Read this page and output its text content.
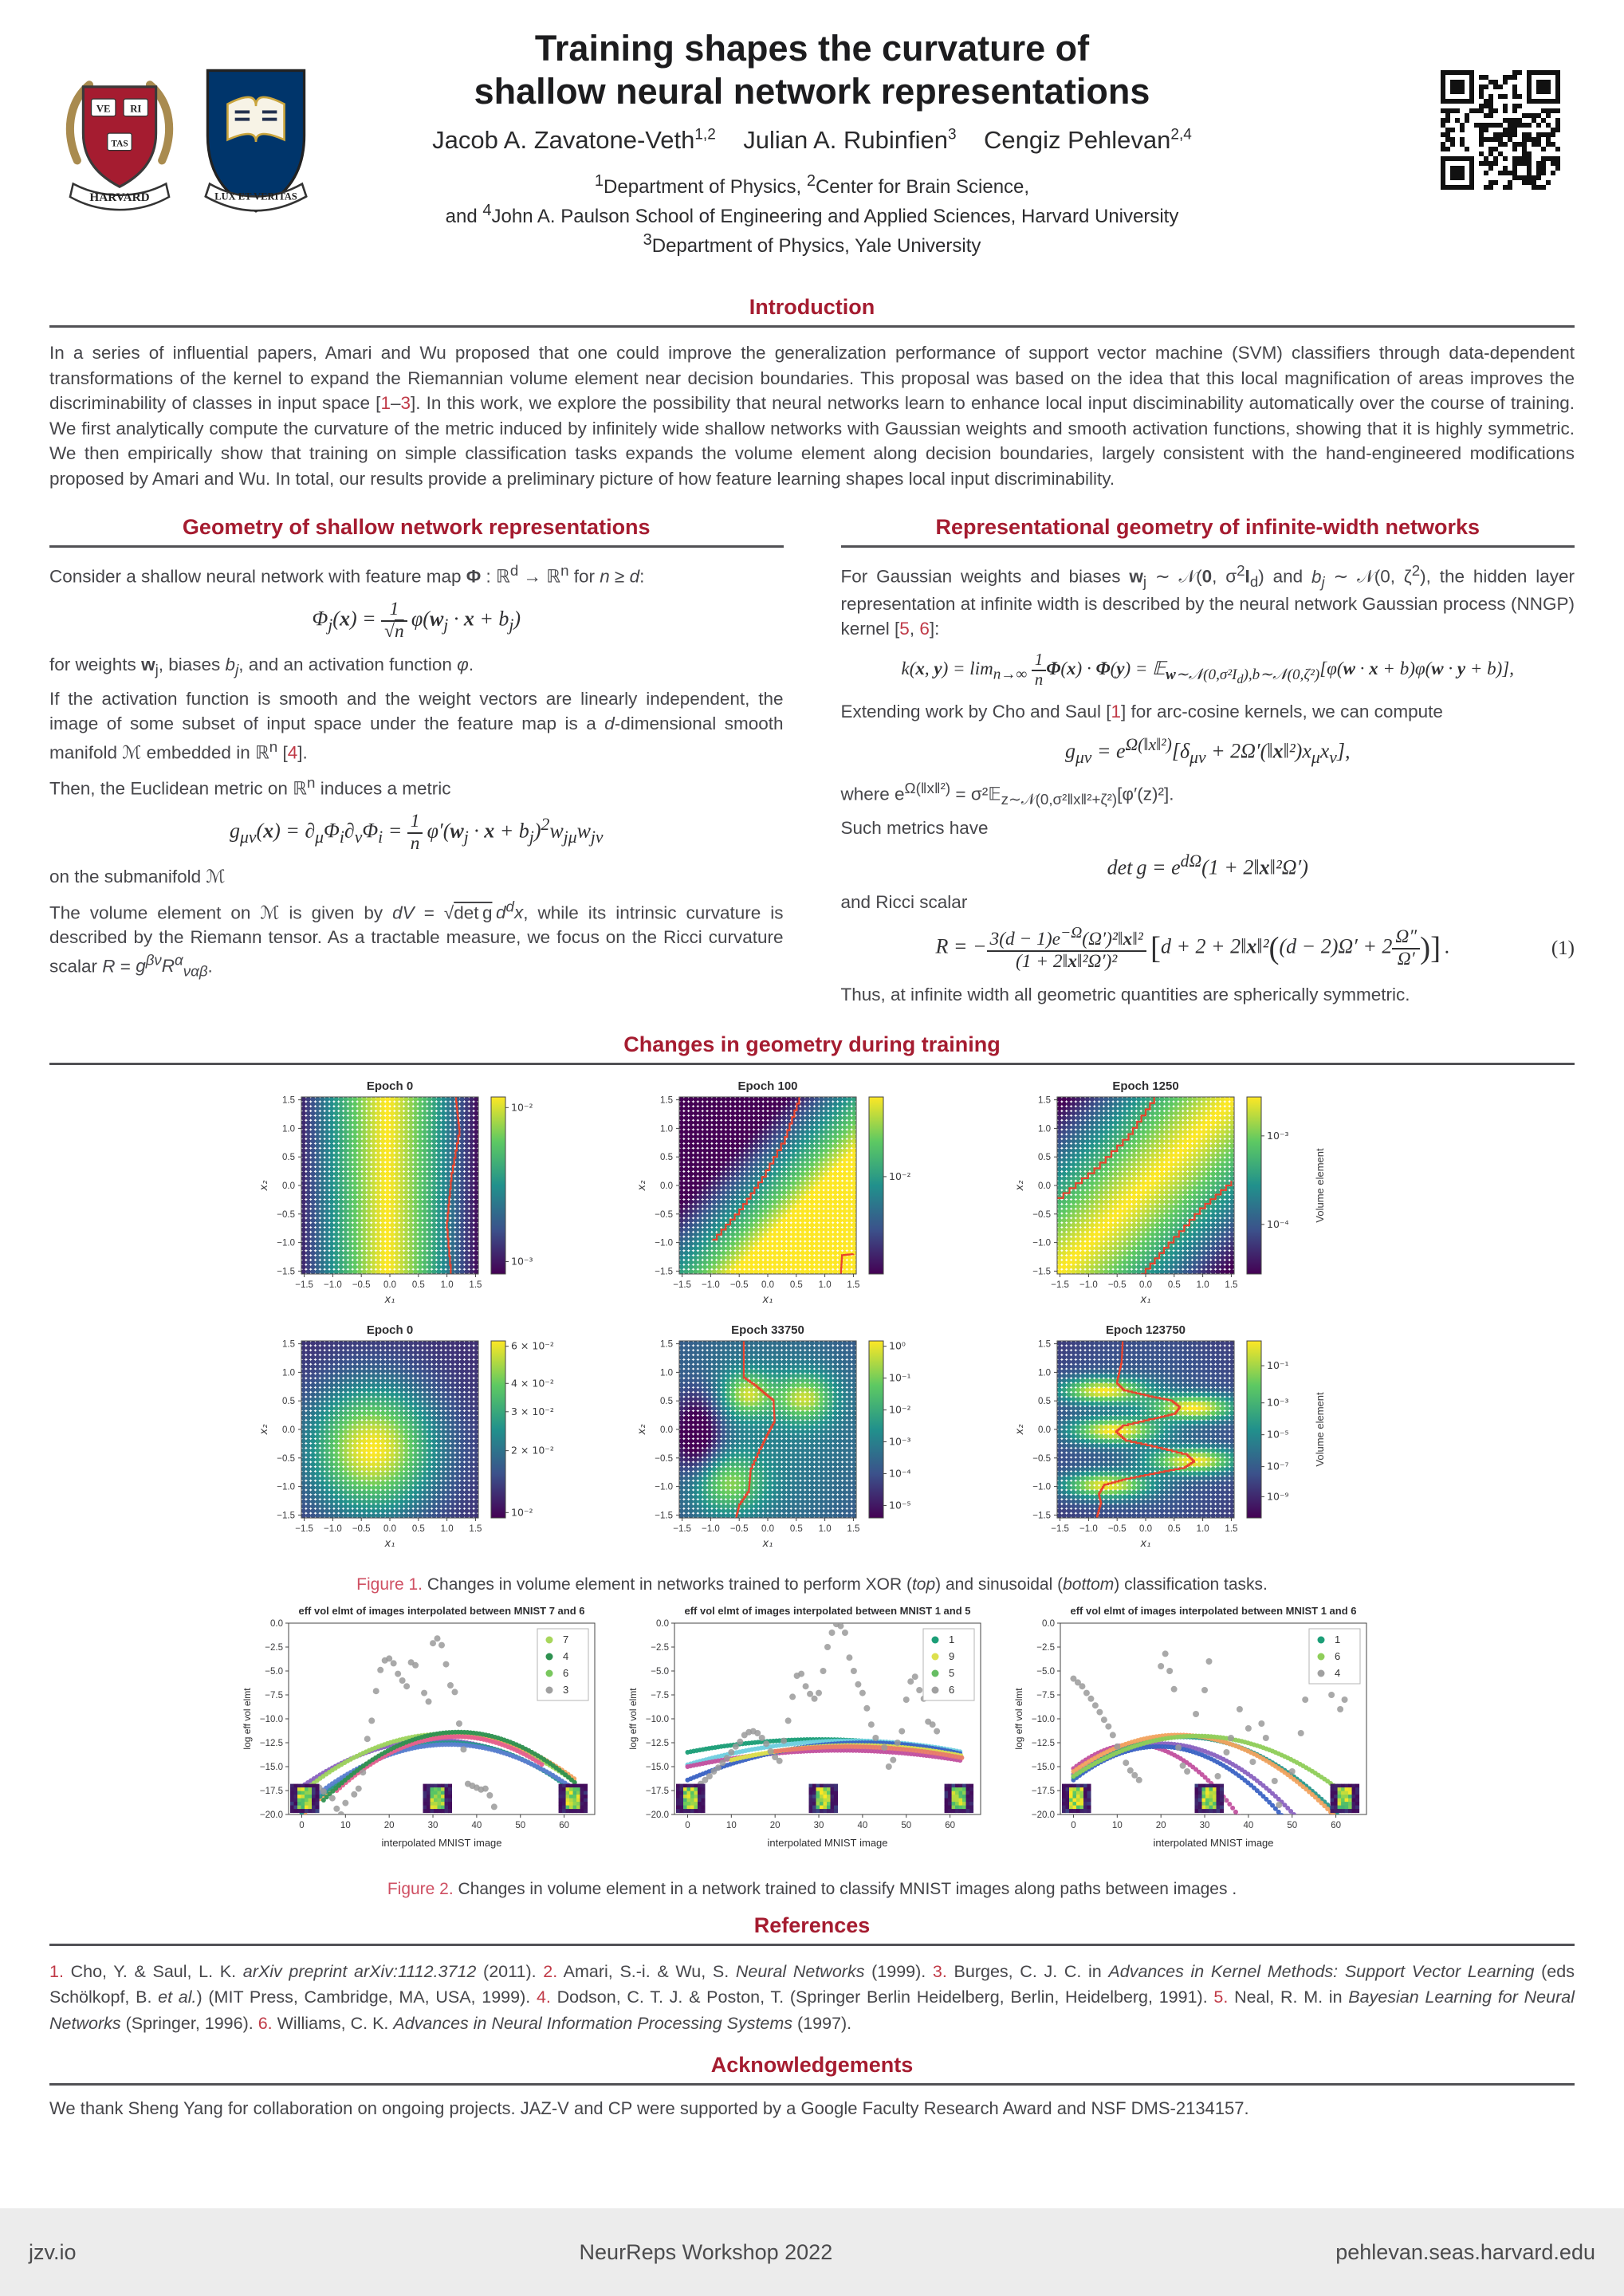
VE RI
TAS
HARVARD	LUX ET VERITAS
Training shapes the curvature of
shallow neural network representations
Jacob A. Zavatone-Veth$^{1,2}$    Julian A. Rubinfien$^3$    Cengiz Pehlevan$^{2,4}$
$^1$Department of Physics, $^2$Center for Brain Science,
and $^4$John A. Paulson School of Engineering and Applied Sciences, Harvard University
$^3$Department of Physics, Yale University
Introduction

In a series of influential papers, Amari and Wu proposed that one could improve the generalization performance of support vector machine (SVM) classifiers through data-dependent transformations of the kernel to expand the Riemannian volume element near decision boundaries. This proposal was based on the idea that this local magnification of areas improves the discriminability of classes in input space [1–3]. In this work, we explore the possibility that neural networks learn to enhance local input disciminability automatically over the course of training. We first analytically compute the curvature of the metric induced by infinitely wide shallow networks with Gaussian weights and smooth activation functions, showing that it is highly symmetric. We then empirically show that training on simple classification tasks expands the volume element along decision boundaries, largely consistent with the hand-engineered modifications proposed by Amari and Wu. In total, our results provide a preliminary picture of how feature learning shapes local input discriminability.

Geometry of shallow network representations

Consider a shallow neural network with feature map Φ : ℝ$^d$ → ℝ$^n$ for n ≥ d:

$\Phi_j(x) = \frac{1}{√n} \varphi(w_j \cdot x + b_j)$

for weights $w_j$, biases $b_j$, and an activation function φ.

If the activation function is smooth and the weight vectors are linearly independent, the image of some subset of input space under the feature map is a d-dimensional smooth manifold ℳ embedded in ℝ$^n$ [4].

Then, the Euclidean metric on ℝ$^n$ induces a metric

$g_{\mu\nu}(x) = \partial_\mu\Phi_i\partial_\nu\Phi_i = \frac{1}{n} \varphi'(w_j \cdot x + b_j)^2w_{j\mu}w_{j\nu}$

on the submanifold ℳ

The volume element on ℳ is given by dV = √det g  $d^dx$, while its intrinsic curvature is described by the Riemann tensor. As a tractable measure, we focus on the Ricci curvature scalar $R = g^{\beta\nu}R^\alpha_{\nu\alpha\beta}$.

Representational geometry of infinite-width networks

For Gaussian weights and biases $w_j$ ∼ 𝒩(0, $\sigma^2I_d$) and $b_j$ ∼ 𝒩(0, $\zeta^2$), the hidden layer representation at infinite width is described by the neural network Gaussian process (NNGP) kernel [5, 6]:

k(x, $y) = \lim_{n\to\infty} \frac{1}{n} \Phi(x) \cdot \Phi(y)$ = 𝔼$_{w\sim 𝒩(0,\sigma^2I_d),b\sim 𝒩(0,\zeta^2)}$[φ(w · x + b)φ(w · y + b)],

Extending work by Cho and Saul [1] for arc-cosine kernels, we can compute

$g_{\mu\nu} = e^{\Omega(‖x‖^2)}[\delta_{\mu\nu}$ + $2\Omega'(‖x‖^2)x_\mu x_\nu$],

where $e^{\Omega(‖x‖^2)}$ = σ²𝔼$_{z\sim 𝒩(0,\sigma^2‖x‖^2+\zeta^2)}$[φ′(z)²].

Such metrics have

$\det g = e^{d\Omega}(1$ + 2‖x‖²Ω′)

and Ricci scalar

R = − $\frac{3(d - 1)e^{-\Omega}(\Omega')^2‖x‖^2}{\text{(1 + 2‖x‖²Ω′)²}}$
  [d + 2 + 2‖x‖²((d − $2)\Omega' + 2 \frac{\Omega''}{\Omega'}$ )] .	(1)

Thus, at infinite width all geometric quantities are spherically symmetric.

Changes in geometry during training
Figure 1. Changes in volume element in networks trained to perform XOR (top) and sinusoidal (bottom) classification tasks.
Figure 2. Changes in volume element in a network trained to classify MNIST images along paths between images .
References

1. Cho, Y. & Saul, L. K. arXiv preprint arXiv:1112.3712 (2011). 2. Amari, S.-i. & Wu, S. Neural Networks (1999). 3. Burges, C. J. C. in Advances in Kernel Methods: Support Vector Learning (eds Schölkopf, B. et al.) (MIT Press, Cambridge, MA, USA, 1999). 4. Dodson, C. T. J. & Poston, T. (Springer Berlin Heidelberg, Berlin, Heidelberg, 1991). 5. Neal, R. M. in Bayesian Learning for Neural Networks (Springer, 1996). 6. Williams, C. K. Advances in Neural Information Processing Systems (1997).

Acknowledgements

We thank Sheng Yang for collaboration on ongoing projects. JAZ-V and CP were supported by a Google Faculty Research Award and NSF DMS-2134157.

jzv.io	NeurReps Workshop 2022	pehlevan.seas.harvard.edu
